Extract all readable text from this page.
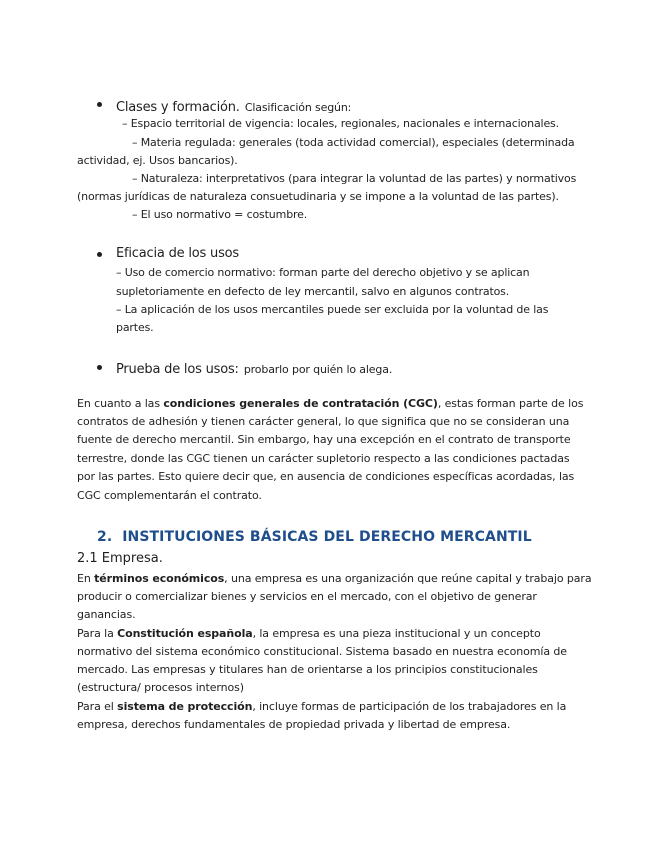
Clases y formación. Clasificación según:
– Espacio territorial de vigencia: locales, regionales, nacionales e internacionales.
– Materia regulada: generales (toda actividad comercial), especiales (determinada
actividad, ej. Usos bancarios).
– Naturaleza: interpretativos (para integrar la voluntad de las partes) y normativos
(normas jurídicas de naturaleza consuetudinaria y se impone a la voluntad de las partes).
– El uso normativo = costumbre.
Eficacia de los usos
– Uso de comercio normativo: forman parte del derecho objetivo y se aplican
supletoriamente en defecto de ley mercantil, salvo en algunos contratos.
– La aplicación de los usos mercantiles puede ser excluida por la voluntad de las
partes.
Prueba de los usos: probarlo por quién lo alega.
En cuanto a las condiciones generales de contratación (CGC), estas forman parte de los
contratos de adhesión y tienen carácter general, lo que significa que no se consideran una
fuente de derecho mercantil. Sin embargo, hay una excepción en el contrato de transporte
terrestre, donde las CGC tienen un carácter supletorio respecto a las condiciones pactadas
por las partes. Esto quiere decir que, en ausencia de condiciones específicas acordadas, las
CGC complementarán el contrato.
2. INSTITUCIONES BÁSICAS DEL DERECHO MERCANTIL
2.1 Empresa.
En términos económicos, una empresa es una organización que reúne capital y trabajo para
producir o comercializar bienes y servicios en el mercado, con el objetivo de generar
ganancias.
Para la Constitución española, la empresa es una pieza institucional y un concepto
normativo del sistema económico constitucional. Sistema basado en nuestra economía de
mercado. Las empresas y titulares han de orientarse a los principios constitucionales
(estructura/ procesos internos)
Para el sistema de protección, incluye formas de participación de los trabajadores en la
empresa, derechos fundamentales de propiedad privada y libertad de empresa.
